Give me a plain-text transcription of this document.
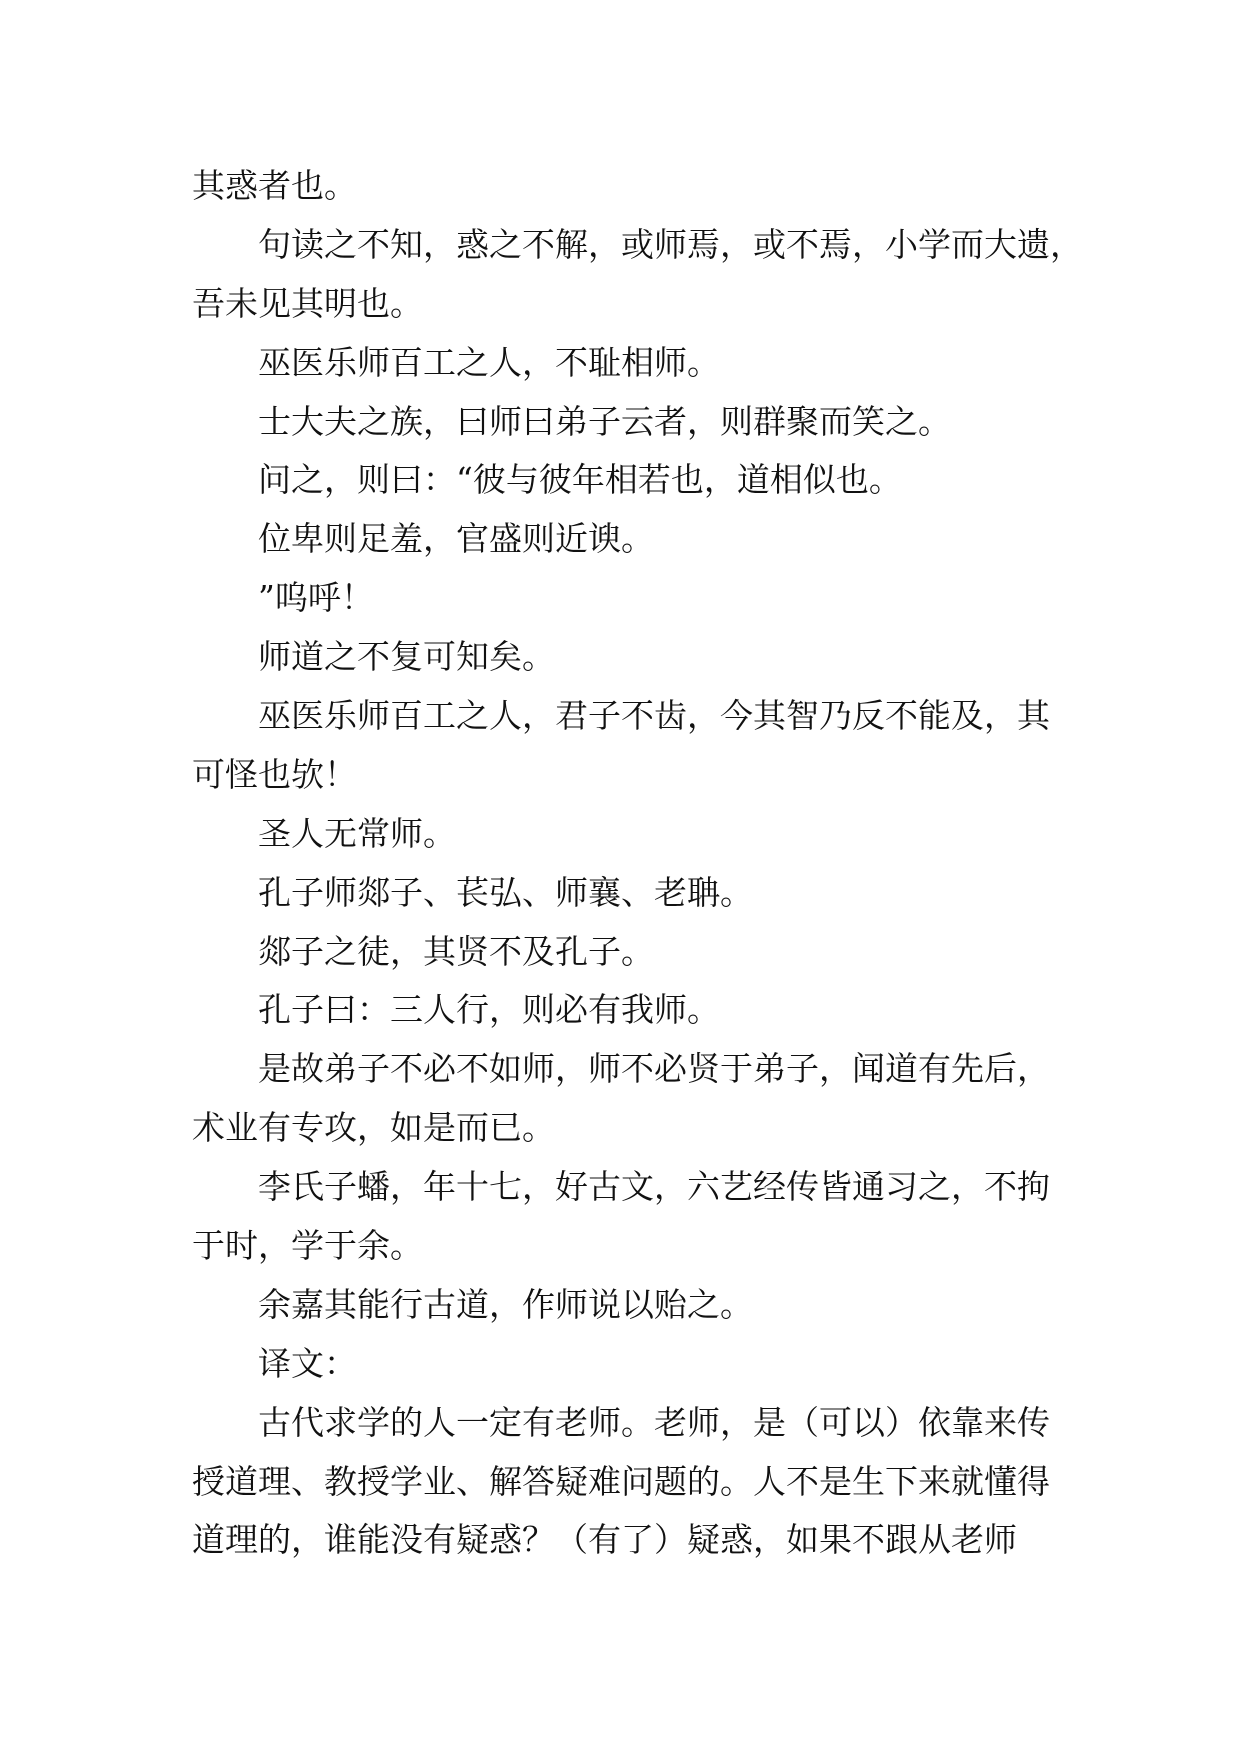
其惑者也。
句读之不知，惑之不解，或师焉，或不焉，小学而大遗，
吾未见其明也。
巫医乐师百工之人，不耻相师。
士大夫之族，曰师曰弟子云者，则群聚而笑之。
问之，则曰：“彼与彼年相若也，道相似也。
位卑则足羞，官盛则近谀。
”呜呼！
师道之不复可知矣。
巫医乐师百工之人，君子不齿，今其智乃反不能及，其
可怪也欤！
圣人无常师。
孔子师郯子、苌弘、师襄、老聃。
郯子之徒，其贤不及孔子。
孔子曰：三人行，则必有我师。
是故弟子不必不如师，师不必贤于弟子，闻道有先后，
术业有专攻，如是而已。
李氏子蟠，年十七，好古文，六艺经传皆通习之，不拘
于时，学于余。
余嘉其能行古道，作师说以贻之。
译文：
古代求学的人一定有老师。老师，是（可以）依靠来传
授道理、教授学业、解答疑难问题的。人不是生下来就懂得
道理的，谁能没有疑惑？（有了）疑惑，如果不跟从老师
